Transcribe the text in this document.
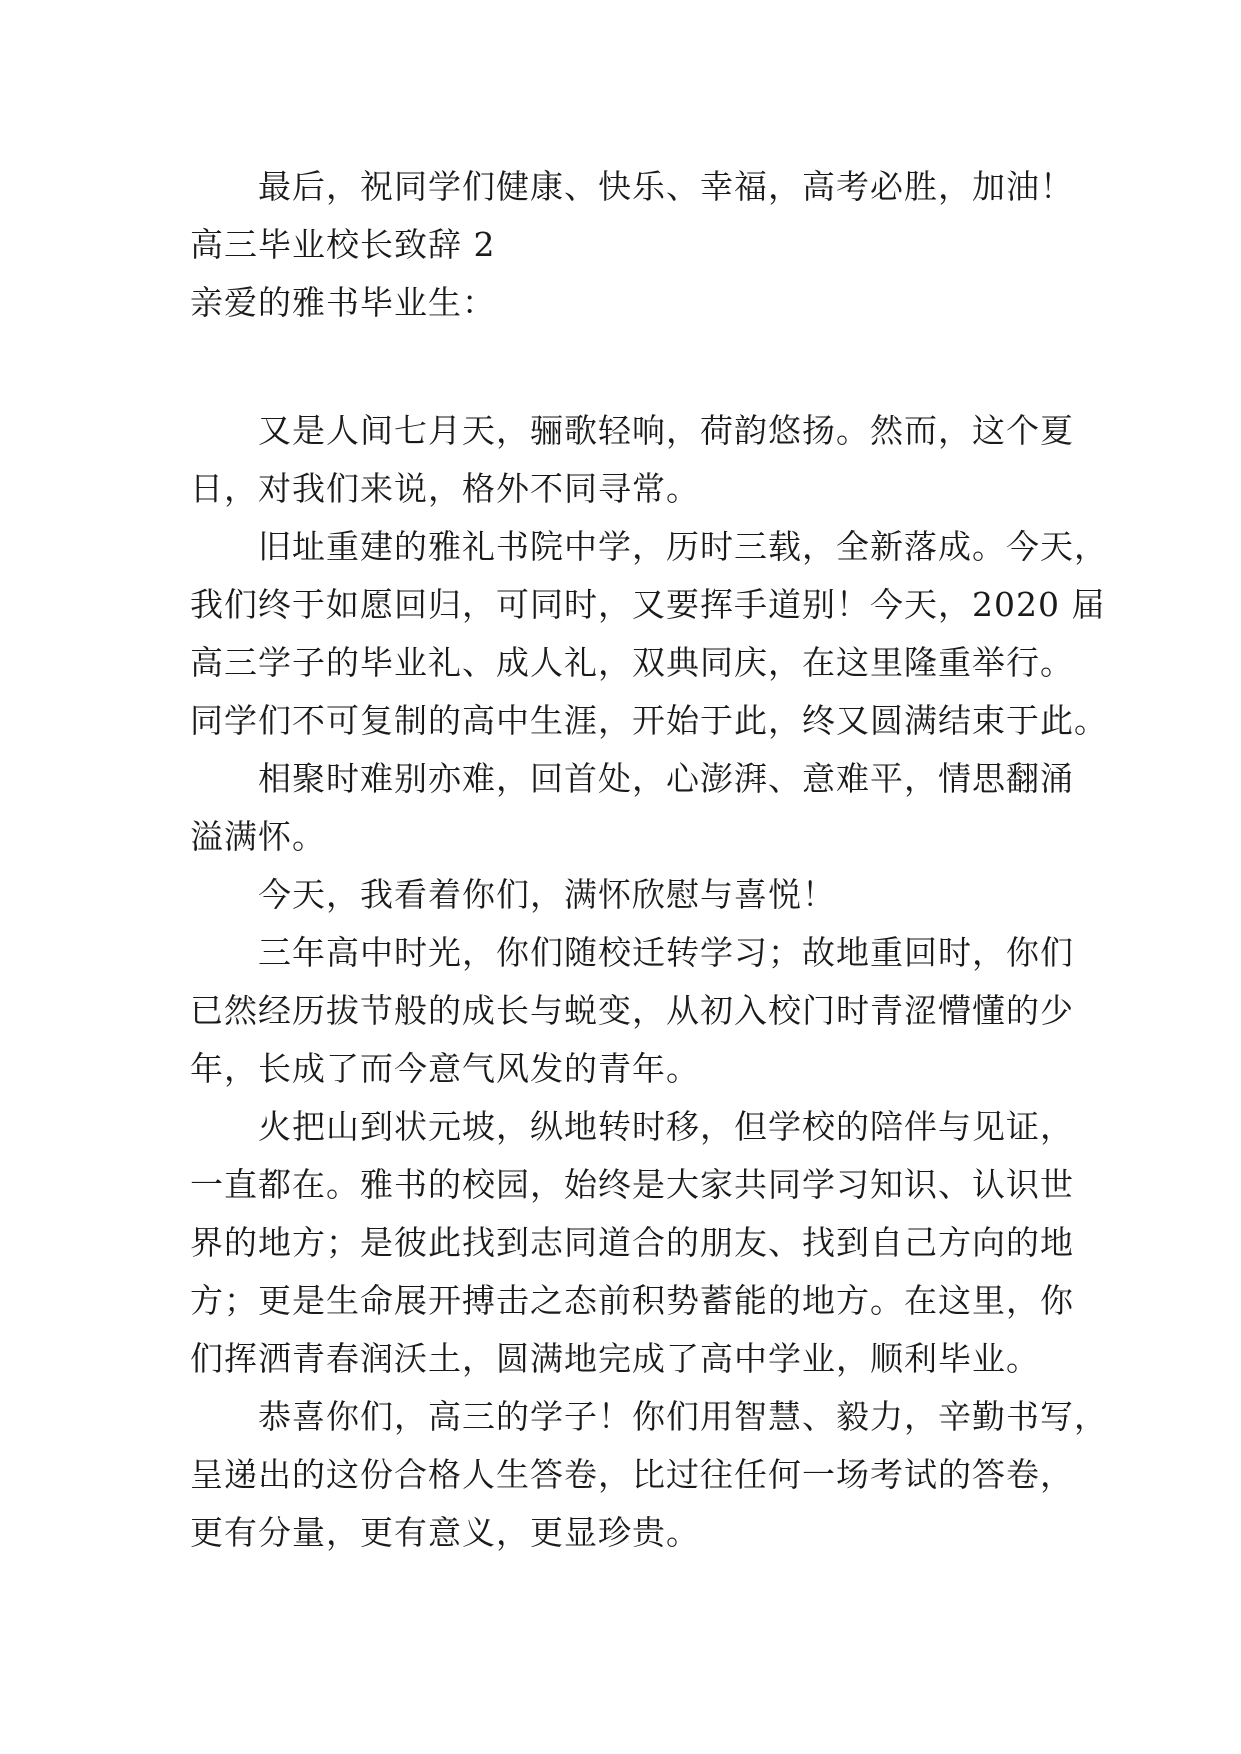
最后，祝同学们健康、快乐、幸福，高考必胜，加油！
高三毕业校长致辞 2
亲爱的雅书毕业生：
又是人间七月天，骊歌轻响，荷韵悠扬。然而，这个夏
日，对我们来说，格外不同寻常。
旧址重建的雅礼书院中学，历时三载，全新落成。今天，
我们终于如愿回归，可同时，又要挥手道别！今天，2020 届
高三学子的毕业礼、成人礼，双典同庆，在这里隆重举行。
同学们不可复制的高中生涯，开始于此，终又圆满结束于此。
相聚时难别亦难，回首处，心澎湃、意难平，情思翻涌
溢满怀。
今天，我看着你们，满怀欣慰与喜悦！
三年高中时光，你们随校迁转学习；故地重回时，你们
已然经历拔节般的成长与蜕变，从初入校门时青涩懵懂的少
年，长成了而今意气风发的青年。
火把山到状元坡，纵地转时移，但学校的陪伴与见证，
一直都在。雅书的校园，始终是大家共同学习知识、认识世
界的地方；是彼此找到志同道合的朋友、找到自己方向的地
方；更是生命展开搏击之态前积势蓄能的地方。在这里，你
们挥洒青春润沃土，圆满地完成了高中学业，顺利毕业。
恭喜你们，高三的学子！你们用智慧、毅力，辛勤书写，
呈递出的这份合格人生答卷，比过往任何一场考试的答卷，
更有分量，更有意义，更显珍贵。
